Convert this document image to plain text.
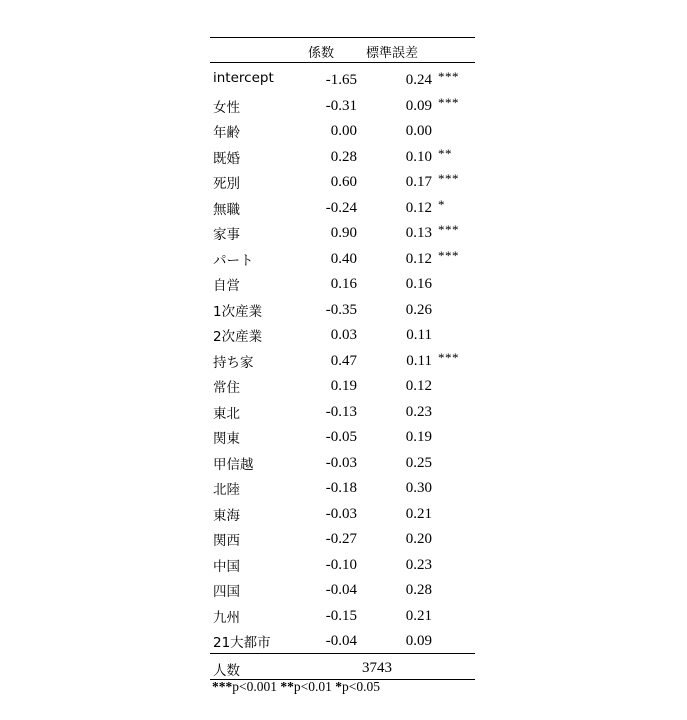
係数 標準誤差
intercept	-1.65	0.24 ***
女性	-0.31	0.09 ***
年齢	0.00	0.00
既婚	0.28	0.10 **
死別	0.60	0.17 ***
無職	-0.24	0.12 *
家事	0.90	0.13 ***
パート	0.40	0.12 ***
自営	0.16	0.16
1次産業	-0.35	0.26
2次産業	0.03	0.11
持ち家	0.47	0.11 ***
常住	0.19	0.12
東北	-0.13	0.23
関東	-0.05	0.19
甲信越	-0.03	0.25
北陸	-0.18	0.30
東海	-0.03	0.21
関西	-0.27	0.20
中国	-0.10	0.23
四国	-0.04	0.28
九州	-0.15	0.21
21大都市	-0.04	0.09
人数	3743
***p<0.001 **p<0.01 *p<0.05
